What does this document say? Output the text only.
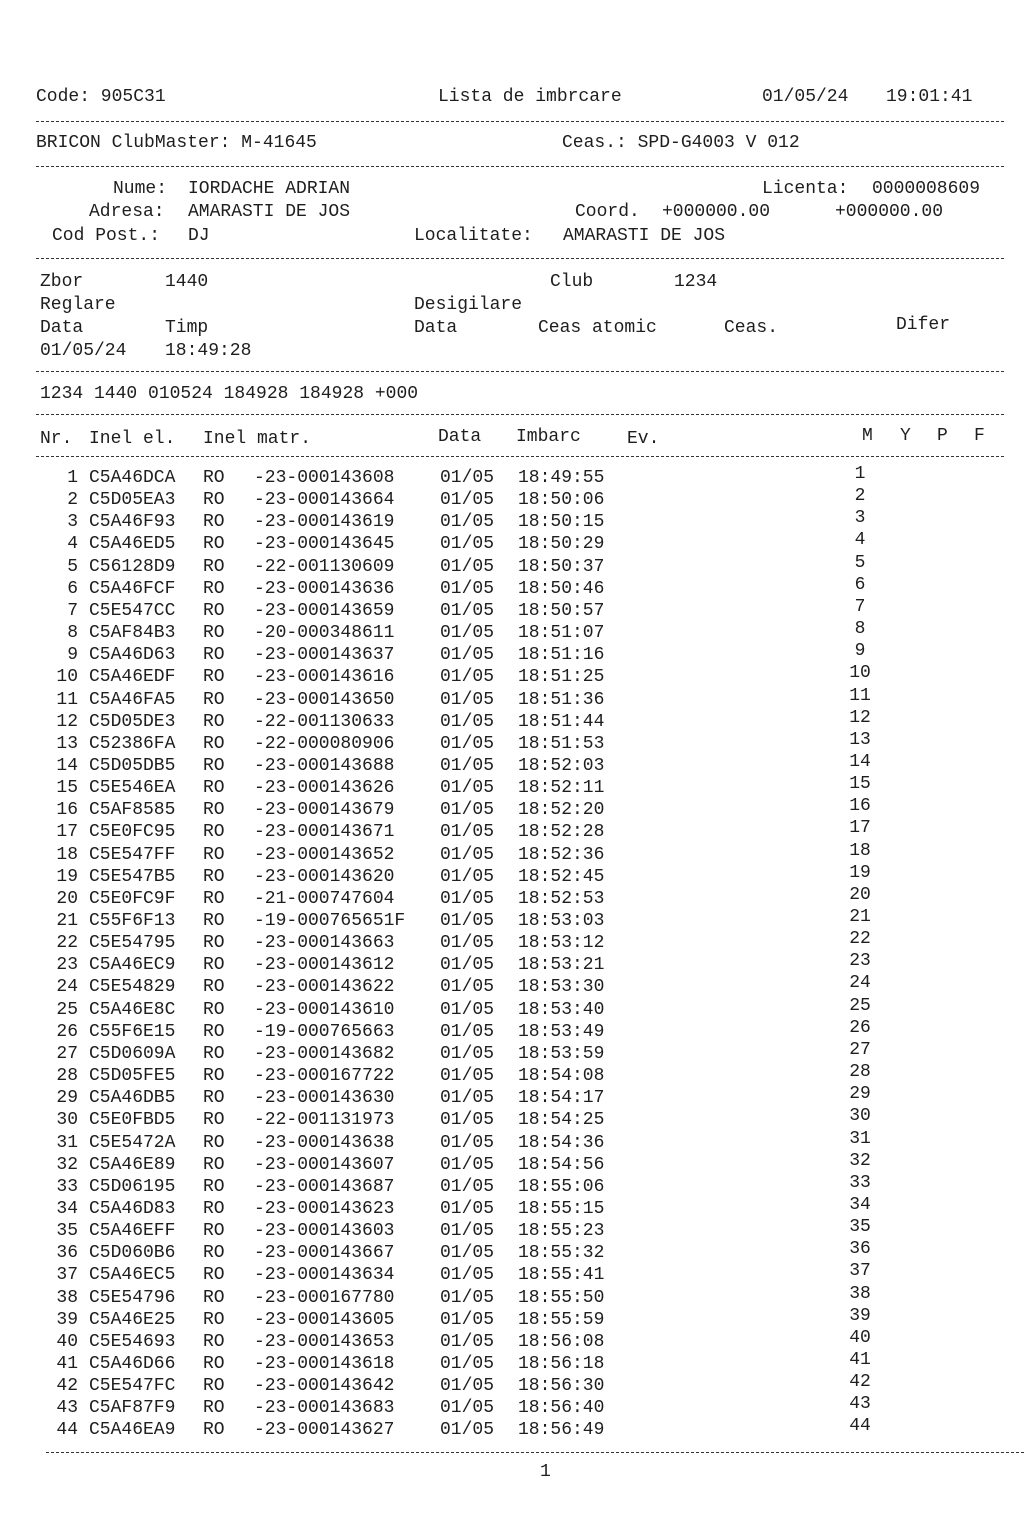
Code: 905C31	Lista de imbrcare	01/05/24 19:01:41
BRICON ClubMaster: M-41645	Ceas.: SPD-G4003 V 012
Nume: IORDACHE ADRIAN	Licenta: 0000008609
Adresa: AMARASTI DE JOS	Coord. +000000.00	+000000.00
Cod Post.: DJ	Localitate: AMARASTI DE JOS
Zbor	1440	Club	1234
Reglare	Desigilare
Data	Timp	Data	Ceas atomic	Ceas.	Difer
01/05/24 18:49:28
1234 1440 010524 184928 184928 +000
Nr. Inel el. Inel matr.	Data Imbarc	Ev.	M Y P F
1 C5A46DCA RO -23-000143608	01/05 18:49:55	1
2 C5D05EA3 RO -23-000143664	01/05 18:50:06	2
3 C5A46F93 RO -23-000143619	01/05 18:50:15	3
4 C5A46ED5 RO -23-000143645	01/05 18:50:29	4
5 C56128D9 RO -22-001130609	01/05 18:50:37	5
6 C5A46FCF RO -23-000143636	01/05 18:50:46	6
7 C5E547CC RO -23-000143659	01/05 18:50:57	7
8 C5AF84B3 RO -20-000348611	01/05 18:51:07	8
9 C5A46D63 RO -23-000143637	01/05 18:51:16	9
10 C5A46EDF RO -23-000143616	01/05 18:51:25	10
11 C5A46FA5 RO -23-000143650	01/05 18:51:36	11
12 C5D05DE3 RO -22-001130633	01/05 18:51:44	12
13 C52386FA RO -22-000080906	01/05 18:51:53	13
14 C5D05DB5 RO -23-000143688	01/05 18:52:03	14
15 C5E546EA RO -23-000143626	01/05 18:52:11	15
16 C5AF8585 RO -23-000143679	01/05 18:52:20	16
17 C5E0FC95 RO -23-000143671	01/05 18:52:28	17
18 C5E547FF RO -23-000143652	01/05 18:52:36	18
19 C5E547B5 RO -23-000143620	01/05 18:52:45	19
20 C5E0FC9F RO -21-000747604	01/05 18:52:53	20
21 C55F6F13 RO -19-000765651F 01/05 18:53:03	21
22 C5E54795 RO -23-000143663	01/05 18:53:12	22
23 C5A46EC9 RO -23-000143612	01/05 18:53:21	23
24 C5E54829 RO -23-000143622	01/05 18:53:30	24
25 C5A46E8C RO -23-000143610	01/05 18:53:40	25
26 C55F6E15 RO -19-000765663	01/05 18:53:49	26
27 C5D0609A RO -23-000143682	01/05 18:53:59	27
28 C5D05FE5 RO -23-000167722	01/05 18:54:08	28
29 C5A46DB5 RO -23-000143630	01/05 18:54:17	29
30 C5E0FBD5 RO -22-001131973	01/05 18:54:25	30
31 C5E5472A RO -23-000143638	01/05 18:54:36	31
32 C5A46E89 RO -23-000143607	01/05 18:54:56	32
33 C5D06195 RO -23-000143687	01/05 18:55:06	33
34 C5A46D83 RO -23-000143623	01/05 18:55:15	34
35 C5A46EFF RO -23-000143603	01/05 18:55:23	35
36 C5D060B6 RO -23-000143667	01/05 18:55:32	36
37 C5A46EC5 RO -23-000143634	01/05 18:55:41	37
38 C5E54796 RO -23-000167780	01/05 18:55:50	38
39 C5A46E25 RO -23-000143605	01/05 18:55:59	39
40 C5E54693 RO -23-000143653	01/05 18:56:08	40
41 C5A46D66 RO -23-000143618	01/05 18:56:18	41
42 C5E547FC RO -23-000143642	01/05 18:56:30	42
43 C5AF87F9 RO -23-000143683	01/05 18:56:40	43
44 C5A46EA9 RO -23-000143627	01/05 18:56:49	44
1
